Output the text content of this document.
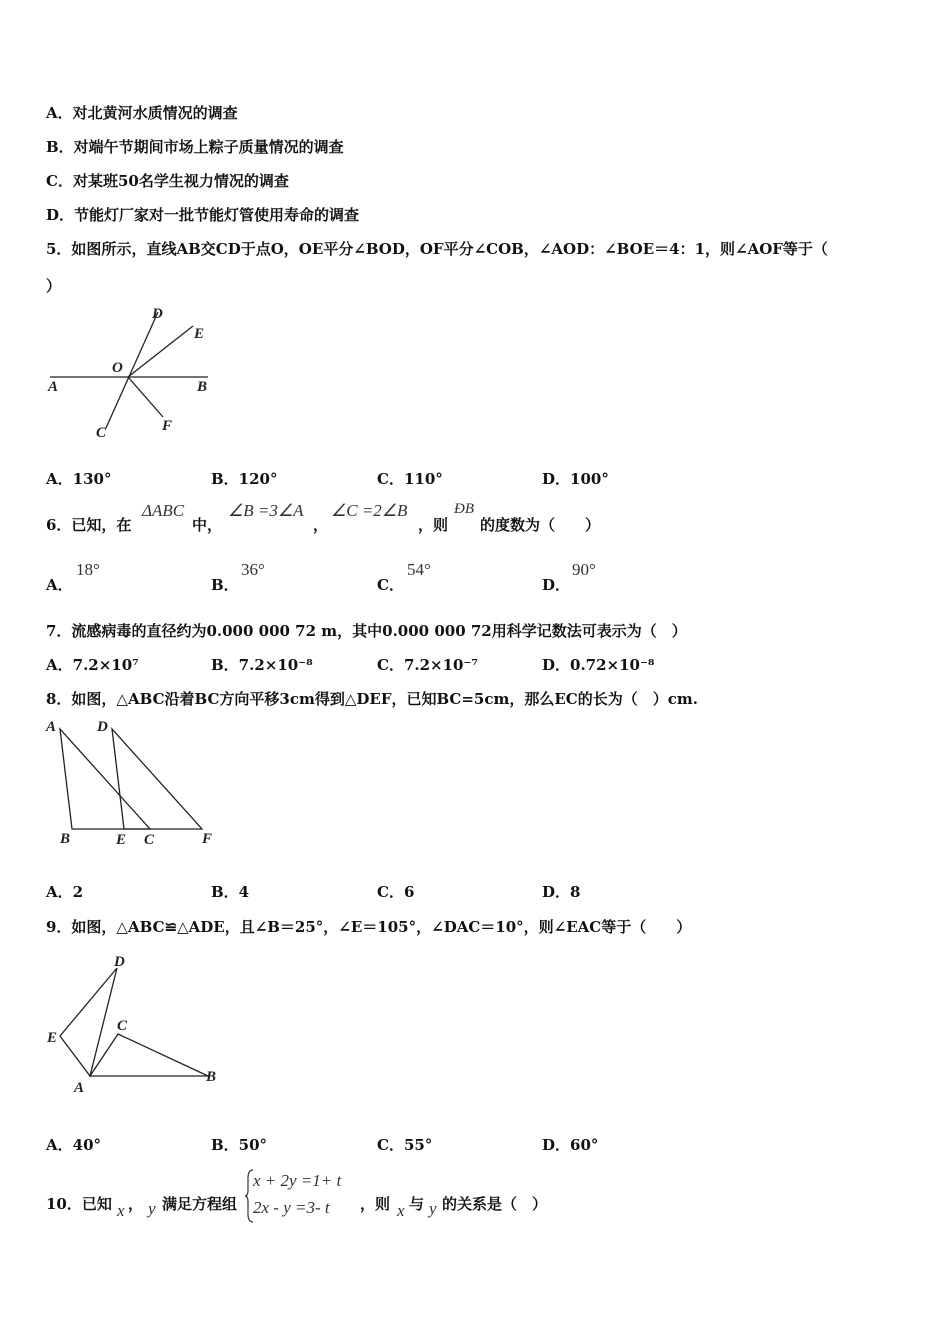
A．对北黄河水质情况的调查
B．对端午节期间市场上粽子质量情况的调查
C．对某班50名学生视力情况的调查
D．节能灯厂家对一批节能灯管使用寿命的调查
5．如图所示，直线AB交CD于点O，OE平分∠BOD，OF平分∠COB，∠AOD：∠BOE＝4：1，则∠AOF等于（
）
D
E
O
A	B
C	F
A．130°	B．120°	C．110°	D．100°
6．已知，在
ΔABC
中，
∠B =3∠A
，
∠C =2∠B
，则
ÐB
的度数为（　　）
A．
18°
B．
36°
C．
54°
D．
90°
7．流感病毒的直径约为0.000 000 72 m，其中0.000 000 72用科学记数法可表示为（　）
A．7.2×10⁷	B．7.2×10⁻⁸	C．7.2×10⁻⁷	D．0.72×10⁻⁸
8．如图，△ABC沿着BC方向平移3cm得到△DEF，已知BC=5cm，那么EC的长为（　）cm.
A	D
B	E C	F
A．2	B．4	C．6	D．8
9．如图，△ABC≌△ADE，且∠B＝25°，∠E＝105°，∠DAC＝10°，则∠EAC等于（　　）
D
C
E
A
B
A．40°	B．50°	C．55°	D．60°
10．已知 x ， y 满足方程组
x + 2y =1+ t
2x - y =3- t	，则 x 与 y 的关系是（　）
